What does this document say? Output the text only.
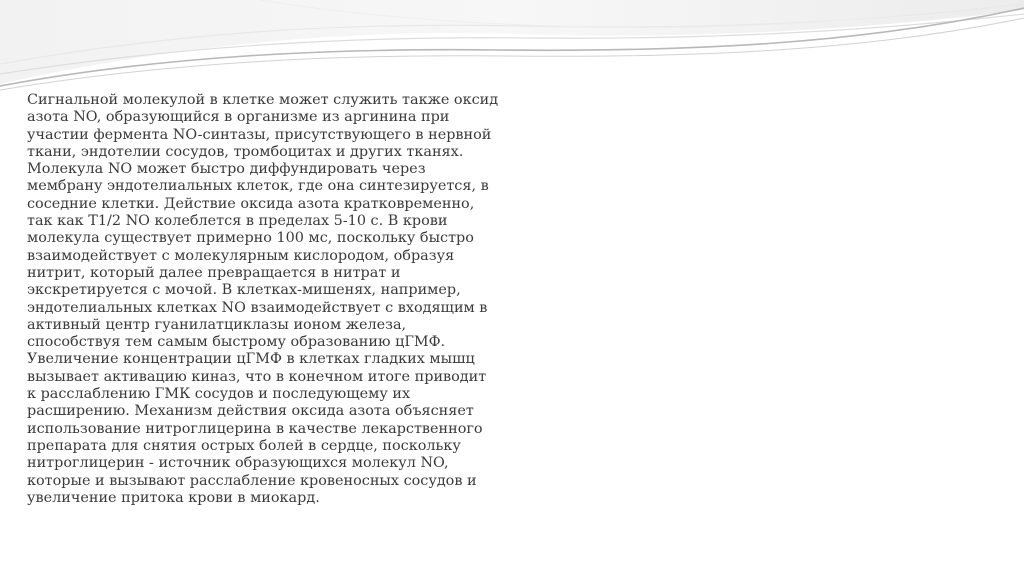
Сигнальной молекулой в клетке может служить также оксид
азота NO, образующийся в организме из аргинина при
участии фермента NO-синтазы, присутствующего в нервной
ткани, эндотелии сосудов, тромбоцитах и других тканях.
Молекула NO может быстро диффундировать через
мембрану эндотелиальных клеток, где она синтезируется, в
соседние клетки. Действие оксида азота кратковременно,
так как T1/2 NO колеблется в пределах 5-10 с. В крови
молекула существует примерно 100 мс, поскольку быстро
взаимодействует с молекулярным кислородом, образуя
нитрит, который далее превращается в нитрат и
экскретируется с мочой. В клетках-мишенях, например,
эндотелиальных клетках NO взаимодействует с входящим в
активный центр гуанилатциклазы ионом железа,
способствуя тем самым быстрому образованию цГМФ.
Увеличение концентрации цГМФ в клетках гладких мышц
вызывает активацию киназ, что в конечном итоге приводит
к расслаблению ГМК сосудов и последующему их
расширению. Механизм действия оксида азота объясняет
использование нитроглицерина в качестве лекарственного
препарата для снятия острых болей в сердце, поскольку
нитроглицерин - источник образующихся молекул NO,
которые и вызывают расслабление кровеносных сосудов и
увеличение притока крови в миокард.
